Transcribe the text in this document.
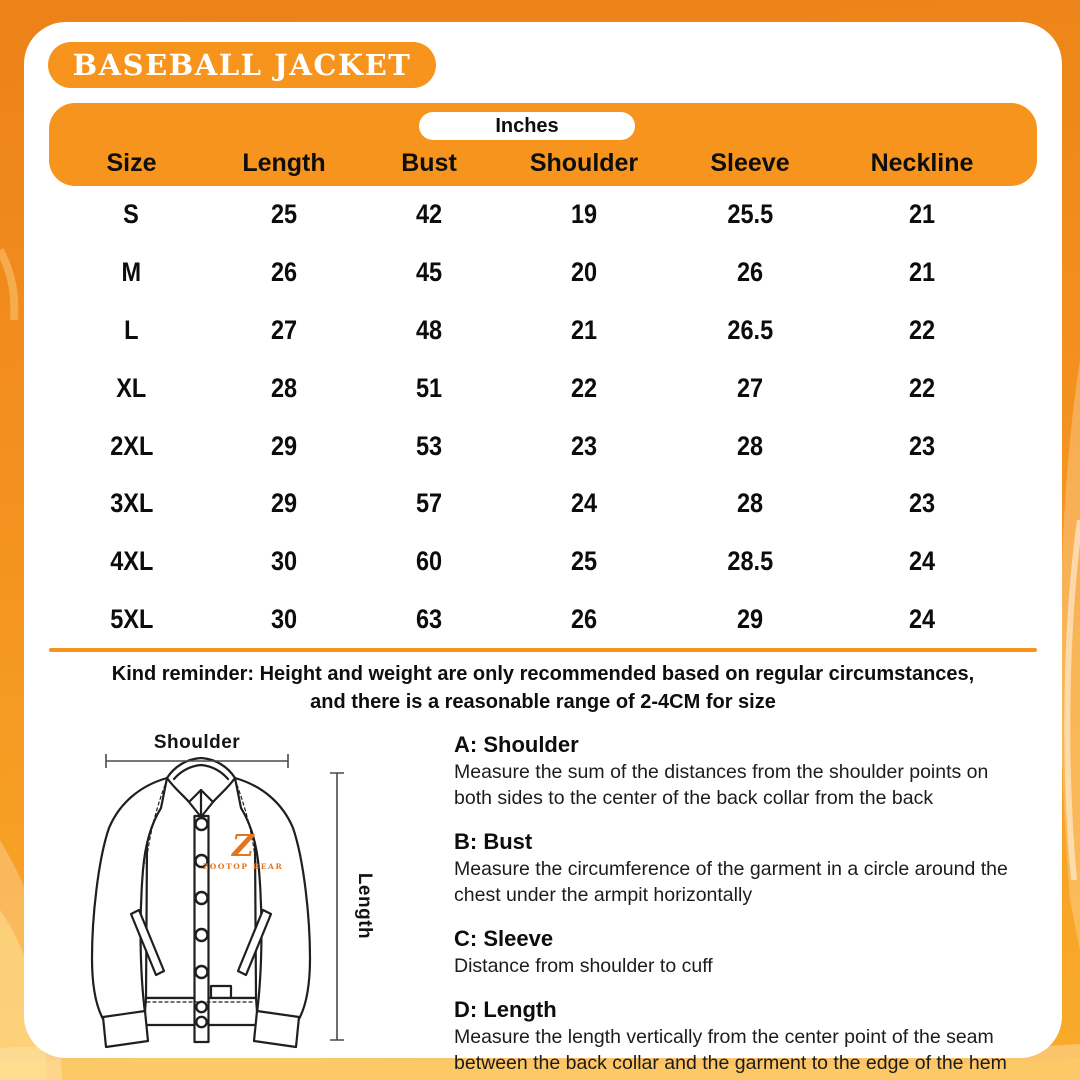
BASEBALL JACKET
Inches
Size	Length	Bust	Shoulder	Sleeve	Neckline
S	25	42	19	25.5	21
M	26	45	20	26	21
L	27	48	21	26.5	22
XL	28	51	22	27	22
2XL	29	53	23	28	23
3XL	29	57	24	28	23
4XL	30	60	25	28.5	24
5XL	30	63	26	29	24
Kind reminder: Height and weight are only recommended based on regular circumstances,
and there is a reasonable range of 2-4CM for size
Z
ZOOTOP BEAR
Shoulder
Length
A: Shoulder

Measure the sum of the distances from the shoulder points on both sides to the center of the back collar from the back

B: Bust

Measure the circumference of the garment in a circle around the chest under the armpit horizontally

C: Sleeve

Distance from shoulder to cuff

D: Length

Measure the length vertically from the center point of the seam between the back collar and the garment to the edge of the hem
